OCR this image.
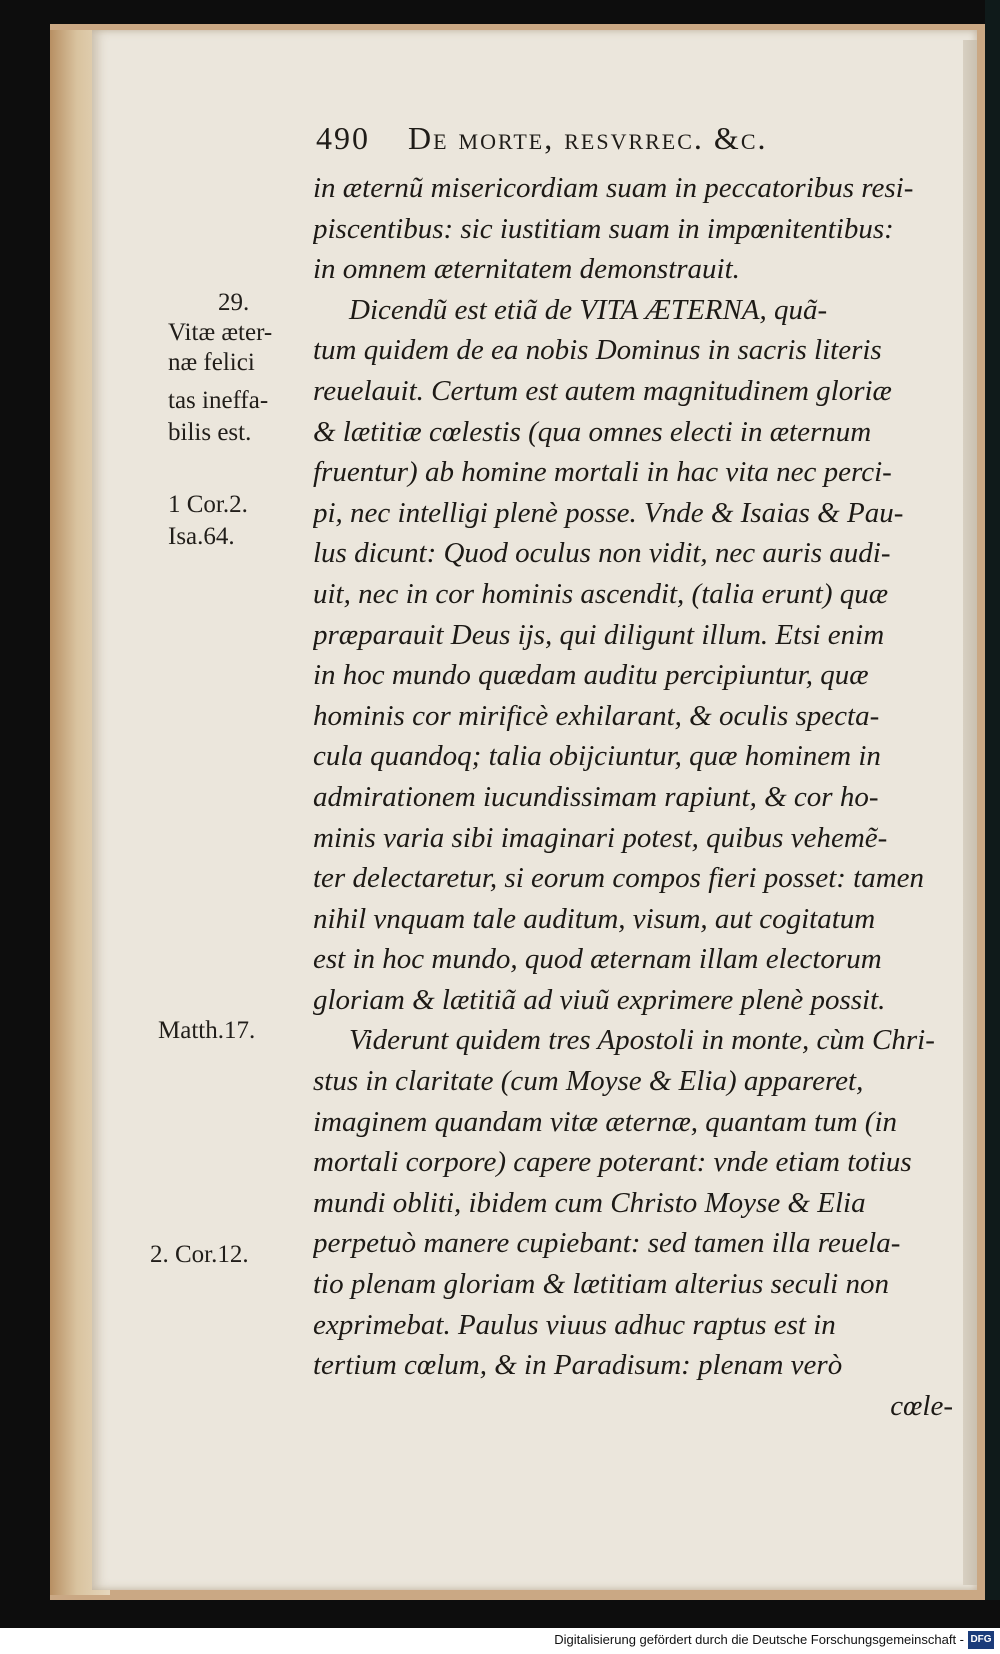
490 De morte, resvrrec. &c.
in æternũ misericordiam suam in peccatoribus resi-
piscentibus: sic iustitiam suam in impœnitentibus:
in omnem æternitatem demonstrauit.
Dicendũ est etiã de VITA ÆTERNA, quã-
tum quidem de ea nobis Dominus in sacris literis
reuelauit. Certum est autem magnitudinem gloriæ
& lætitiæ cœlestis (qua omnes electi in æternum
fruentur) ab homine mortali in hac vita nec perci-
pi, nec intelligi plenè posse. Vnde & Isaias & Pau-
lus dicunt: Quod oculus non vidit, nec auris audi-
uit, nec in cor hominis ascendit, (talia erunt) quæ
præparauit Deus ijs, qui diligunt illum. Etsi enim
in hoc mundo quædam auditu percipiuntur, quæ
hominis cor mirificè exhilarant, & oculis specta-
cula quandoq; talia obijciuntur, quæ hominem in
admirationem iucundissimam rapiunt, & cor ho-
minis varia sibi imaginari potest, quibus vehemẽ-
ter delectaretur, si eorum compos fieri posset: tamen
nihil vnquam tale auditum, visum, aut cogitatum
est in hoc mundo, quod æternam illam electorum
gloriam & lætitiã ad viuũ exprimere plenè possit.
Viderunt quidem tres Apostoli in monte, cùm Chri-
stus in claritate (cum Moyse & Elia) appareret,
imaginem quandam vitæ æternæ, quantam tum (in
mortali corpore) capere poterant: vnde etiam totius
mundi obliti, ibidem cum Christo Moyse & Elia
perpetuò manere cupiebant: sed tamen illa reuela-
tio plenam gloriam & lætitiam alterius seculi non
exprimebat. Paulus viuus adhuc raptus est in
tertium cœlum, & in Paradisum: plenam verò
cœle-
29.
Vitæ æter-
næ felici
tas ineffa-
bilis est.
1 Cor.2.
Isa.64.
Matth.17.
2. Cor.12.
Digitalisierung gefördert durch die Deutsche Forschungsgemeinschaft - DFG
